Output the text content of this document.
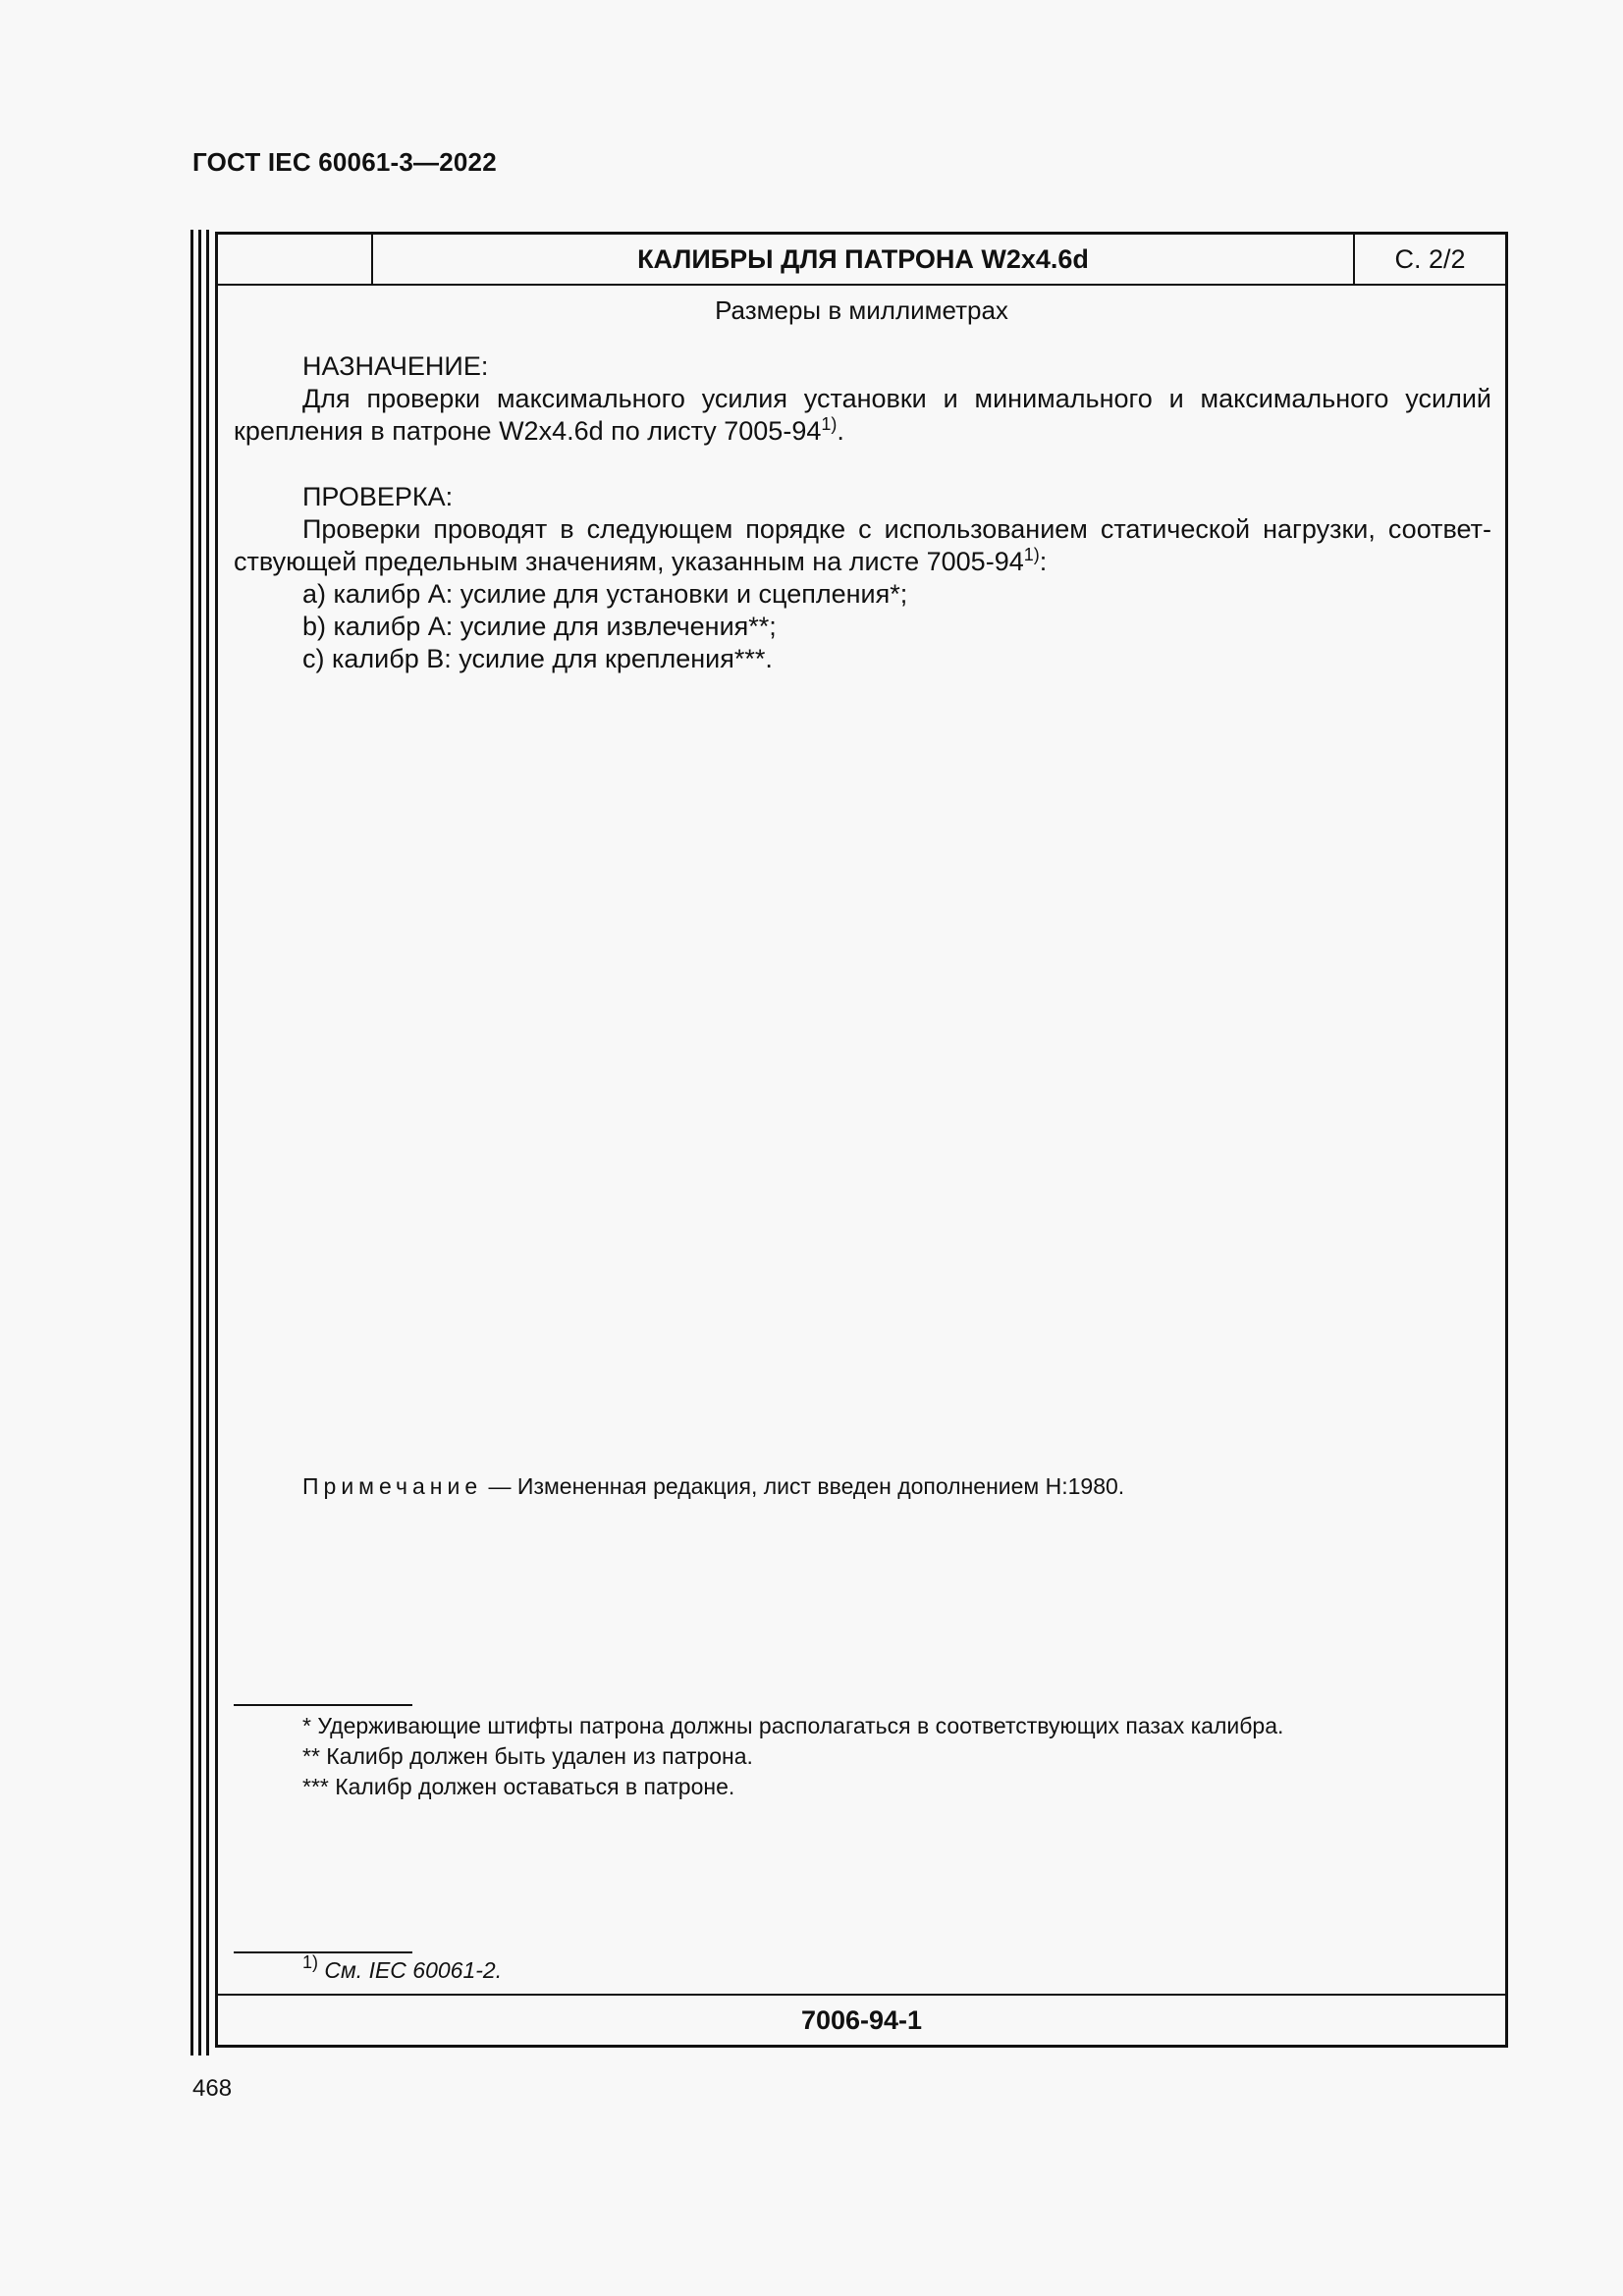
ГОСТ IEC 60061-3—2022
КАЛИБРЫ ДЛЯ ПАТРОНА W2x4.6d	С. 2/2
Размеры в миллиметрах

НАЗНАЧЕНИЕ:

Для проверки максимального усилия установки и минимального и максимального усилий крепления в патроне W2x4.6d по листу 7005-94$^{1)}$.

ПРОВЕРКА:

Проверки проводят в следующем порядке с использованием статической нагрузки, соответ-ствующей предельным значениям, указанным на листе 7005-94$^{1)}$:

a) калибр А: усилие для установки и сцепления*;

b) калибр А: усилие для извлечения**;

c) калибр B: усилие для крепления***.

Примечание — Измененная редакция, лист введен дополнением Н:1980.

* Удерживающие штифты патрона должны располагаться в соответствующих пазах калибра.

** Калибр должен быть удален из патрона.

*** Калибр должен оставаться в патроне.

$^{1)}$ См. IEC 60061-2.
7006-94-1
468
